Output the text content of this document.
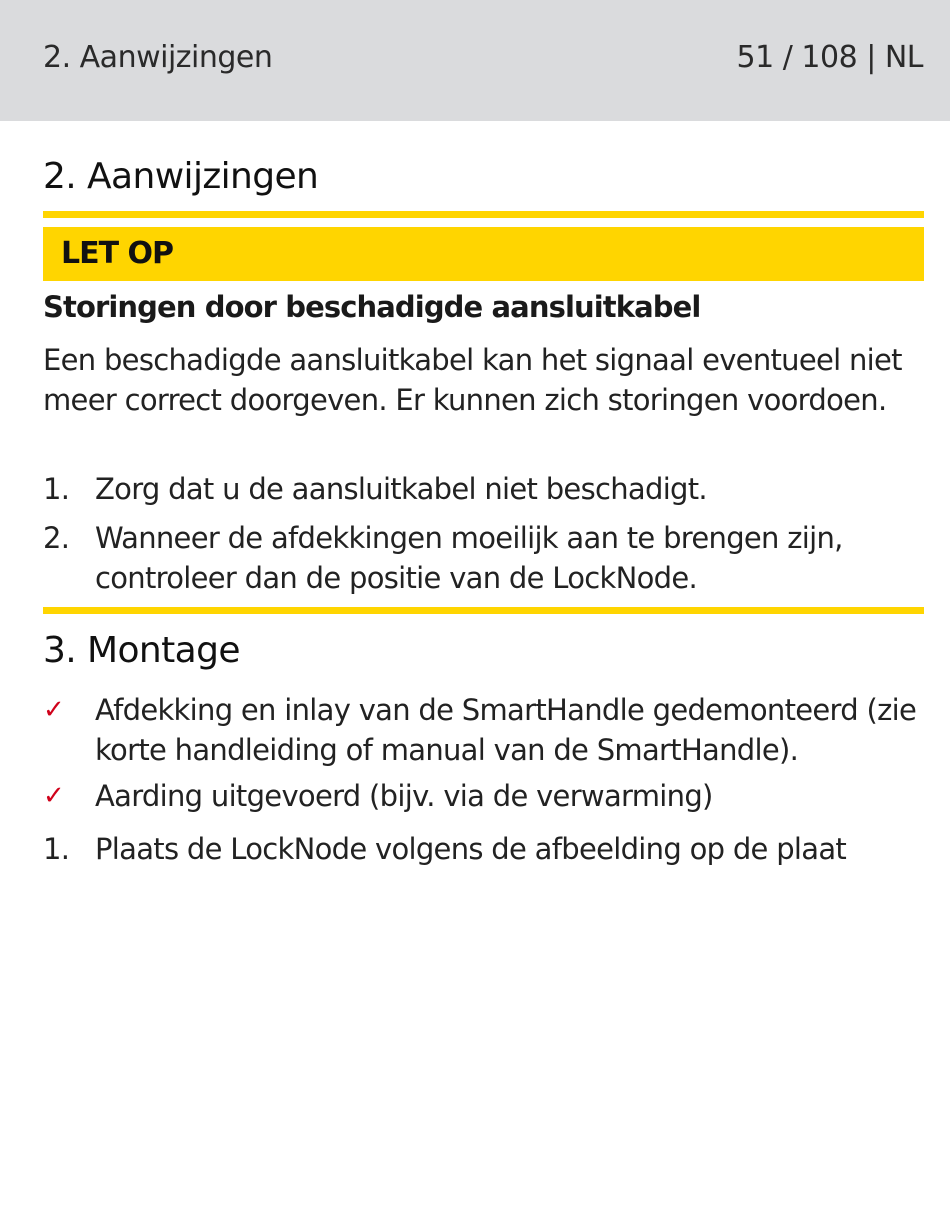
2. Aanwijzingen	51 / 108 | NL
2. Aanwijzingen
LET OP
Storingen door beschadigde aansluitkabel
Een beschadigde aansluitkabel kan het signaal eventueel niet meer correct doorgeven. Er kunnen zich storingen voordoen.
1. Zorg dat u de aansluitkabel niet beschadigt.
2. Wanneer de afdekkingen moeilijk aan te brengen zijn, controleer dan de positie van de LockNode.
3. Montage
✓ Afdekking en inlay van de SmartHandle gedemonteerd (zie korte handleiding of manual van de SmartHandle).
✓ Aarding uitgevoerd (bijv. via de verwarming)
1. Plaats de LockNode volgens de afbeelding op de plaat
